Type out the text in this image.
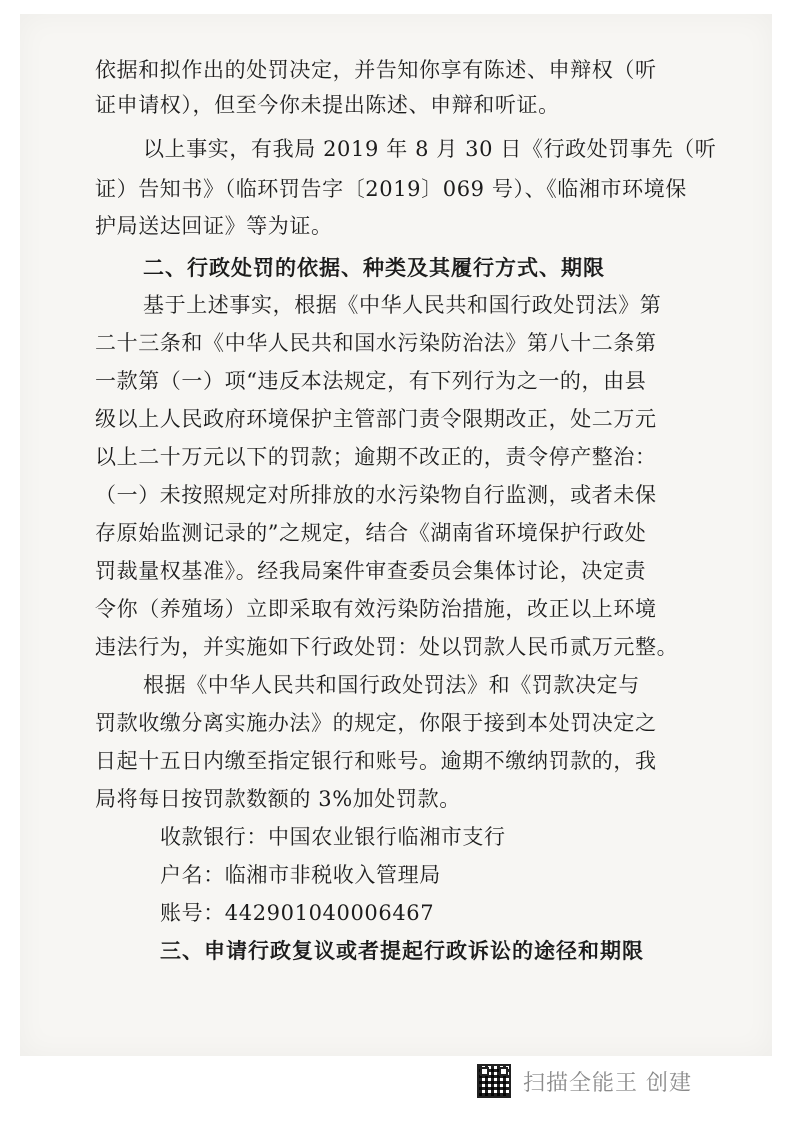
依据和拟作出的处罚决定，并告知你享有陈述、申辩权（听
证申请权），但至今你未提出陈述、申辩和听证。
以上事实，有我局 2019 年 8 月 30 日《行政处罚事先（听
证）告知书》（临环罚告字〔2019〕069 号）、《临湘市环境保
护局送达回证》等为证。
二、行政处罚的依据、种类及其履行方式、期限
基于上述事实，根据《中华人民共和国行政处罚法》第
二十三条和《中华人民共和国水污染防治法》第八十二条第
一款第（一）项“违反本法规定，有下列行为之一的，由县
级以上人民政府环境保护主管部门责令限期改正，处二万元
以上二十万元以下的罚款；逾期不改正的，责令停产整治：
（一）未按照规定对所排放的水污染物自行监测，或者未保
存原始监测记录的”之规定，结合《湖南省环境保护行政处
罚裁量权基准》。经我局案件审查委员会集体讨论，决定责
令你（养殖场）立即采取有效污染防治措施，改正以上环境
违法行为，并实施如下行政处罚：处以罚款人民币贰万元整。
根据《中华人民共和国行政处罚法》和《罚款决定与
罚款收缴分离实施办法》的规定，你限于接到本处罚决定之
日起十五日内缴至指定银行和账号。逾期不缴纳罚款的，我
局将每日按罚款数额的 3%加处罚款。
收款银行：中国农业银行临湘市支行
户名：临湘市非税收入管理局
账号：442901040006467
三、申请行政复议或者提起行政诉讼的途径和期限
扫描全能王 创建
